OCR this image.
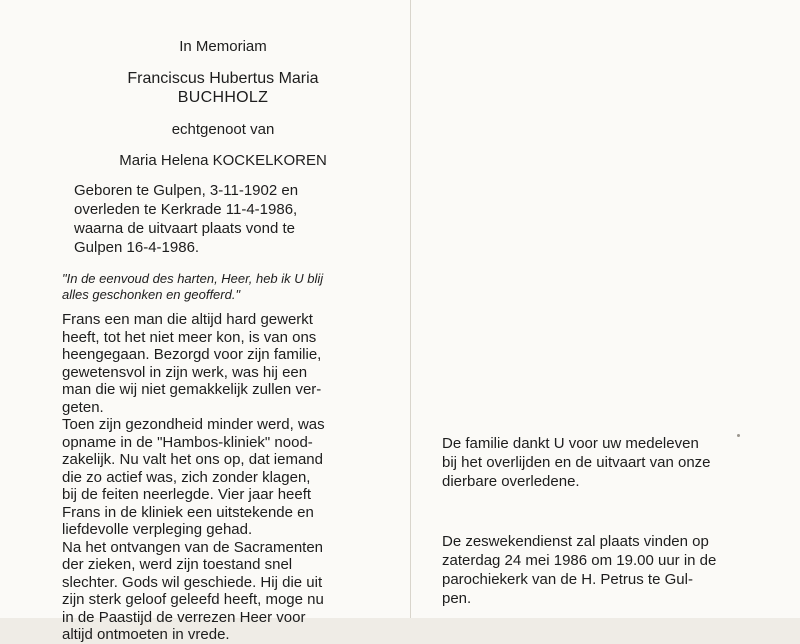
In Memoriam

Franciscus Hubertus Maria

BUCHHOLZ

echtgenoot van

Maria Helena KOCKELKOREN

Geboren te Gulpen, 3-11-1902 en
overleden te Kerkrade 11-4-1986,
waarna de uitvaart plaats vond te
Gulpen 16-4-1986.

"In de eenvoud des harten, Heer, heb ik U blij
alles geschonken en geofferd."

Frans een man die altijd hard gewerkt
heeft, tot het niet meer kon, is van ons
heengegaan. Bezorgd voor zijn familie,
gewetensvol in zijn werk, was hij een
man die wij niet gemakkelijk zullen ver-
geten.
Toen zijn gezondheid minder werd, was
opname in de "Hambos-kliniek" nood-
zakelijk. Nu valt het ons op, dat iemand
die zo actief was, zich zonder klagen,
bij de feiten neerlegde. Vier jaar heeft
Frans in de kliniek een uitstekende en
liefdevolle verpleging gehad.
Na het ontvangen van de Sacramenten
der zieken, werd zijn toestand snel
slechter. Gods wil geschiede. Hij die uit
zijn sterk geloof geleefd heeft, moge nu
in de Paastijd de verrezen Heer voor
altijd ontmoeten in vrede.

De familie dankt U voor uw medeleven
bij het overlijden en de uitvaart van onze
dierbare overledene.
De zeswekendienst zal plaats vinden op
zaterdag 24 mei 1986 om 19.00 uur in de
parochiekerk van de H. Petrus te Gul-
pen.
